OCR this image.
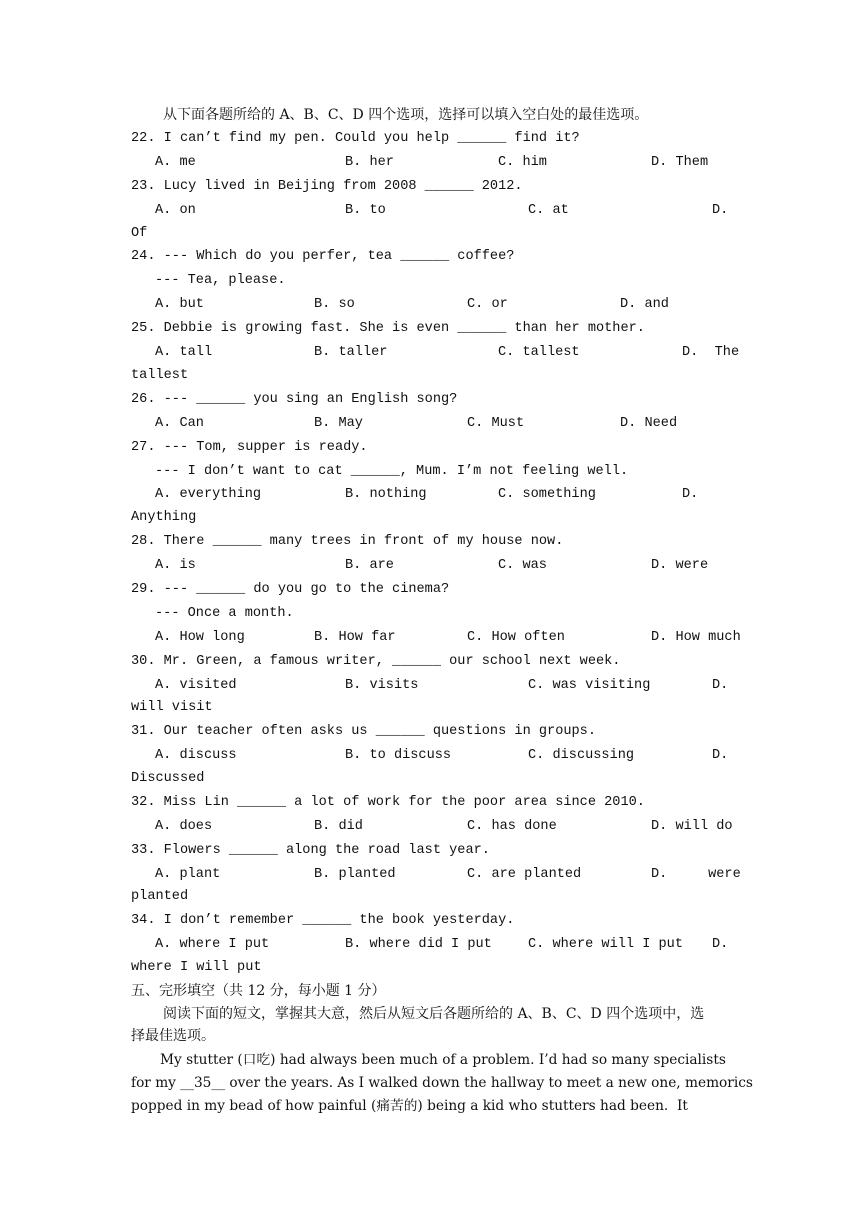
从下面各题所给的 A、B、C、D 四个选项，选择可以填入空白处的最佳选项。
22. I can’t find my pen. Could you help ______ find it?

A. me

	B. her

	C. him

	D. Them

23. Lucy lived in Beijing from 2008 ______ 2012.

A. on

	B. to

	C. at

	D.

Of
24. --- Which do you perfer, tea ______ coffee?
--- Tea, please.

A. but

	B. so

	C. or

	D. and

25. Debbie is growing fast. She is even ______ than her mother.

A. tall

	B. taller

	C. tallest

	D.  The

tallest
26. --- ______ you sing an English song?

A. Can

	B. May

	C. Must

	D. Need

27. --- Tom, supper is ready.
--- I don’t want to cat ______, Mum. I’m not feeling well.

A. everything

	B. nothing

	C. something

	D.

Anything
28. There ______ many trees in front of my house now.

A. is

	B. are

	C. was

	D. were

29. --- ______ do you go to the cinema?
--- Once a month.

A. How long

	B. How far

	C. How often

	D. How much

30. Mr. Green, a famous writer, ______ our school next week.

A. visited

	B. visits

	C. was visiting

	D.

will visit
31. Our teacher often asks us ______ questions in groups.

A. discuss

	B. to discuss

	C. discussing

	D.

Discussed
32. Miss Lin ______ a lot of work for the poor area since 2010.

A. does

	B. did

	C. has done

	D. will do

33. Flowers ______ along the road last year.

A. plant

	B. planted

	C. are planted

	D.     were

planted
34. I don’t remember ______ the book yesterday.

A. where I put

	B. where did I put

	C. where will I put

D.

where I will put
五、完形填空（共 12 分，每小题 1 分）
阅读下面的短文，掌握其大意，然后从短文后各题所给的 A、B、C、D 四个选项中，选
择最佳选项。
My stutter (口吃) had always been much of a problem. I’d had so many specialists
for my __35__ over the years. As I walked down the hallway to meet a new one, memorics
popped in my bead of how painful (痛苦的) being a kid who stutters had been.  It
